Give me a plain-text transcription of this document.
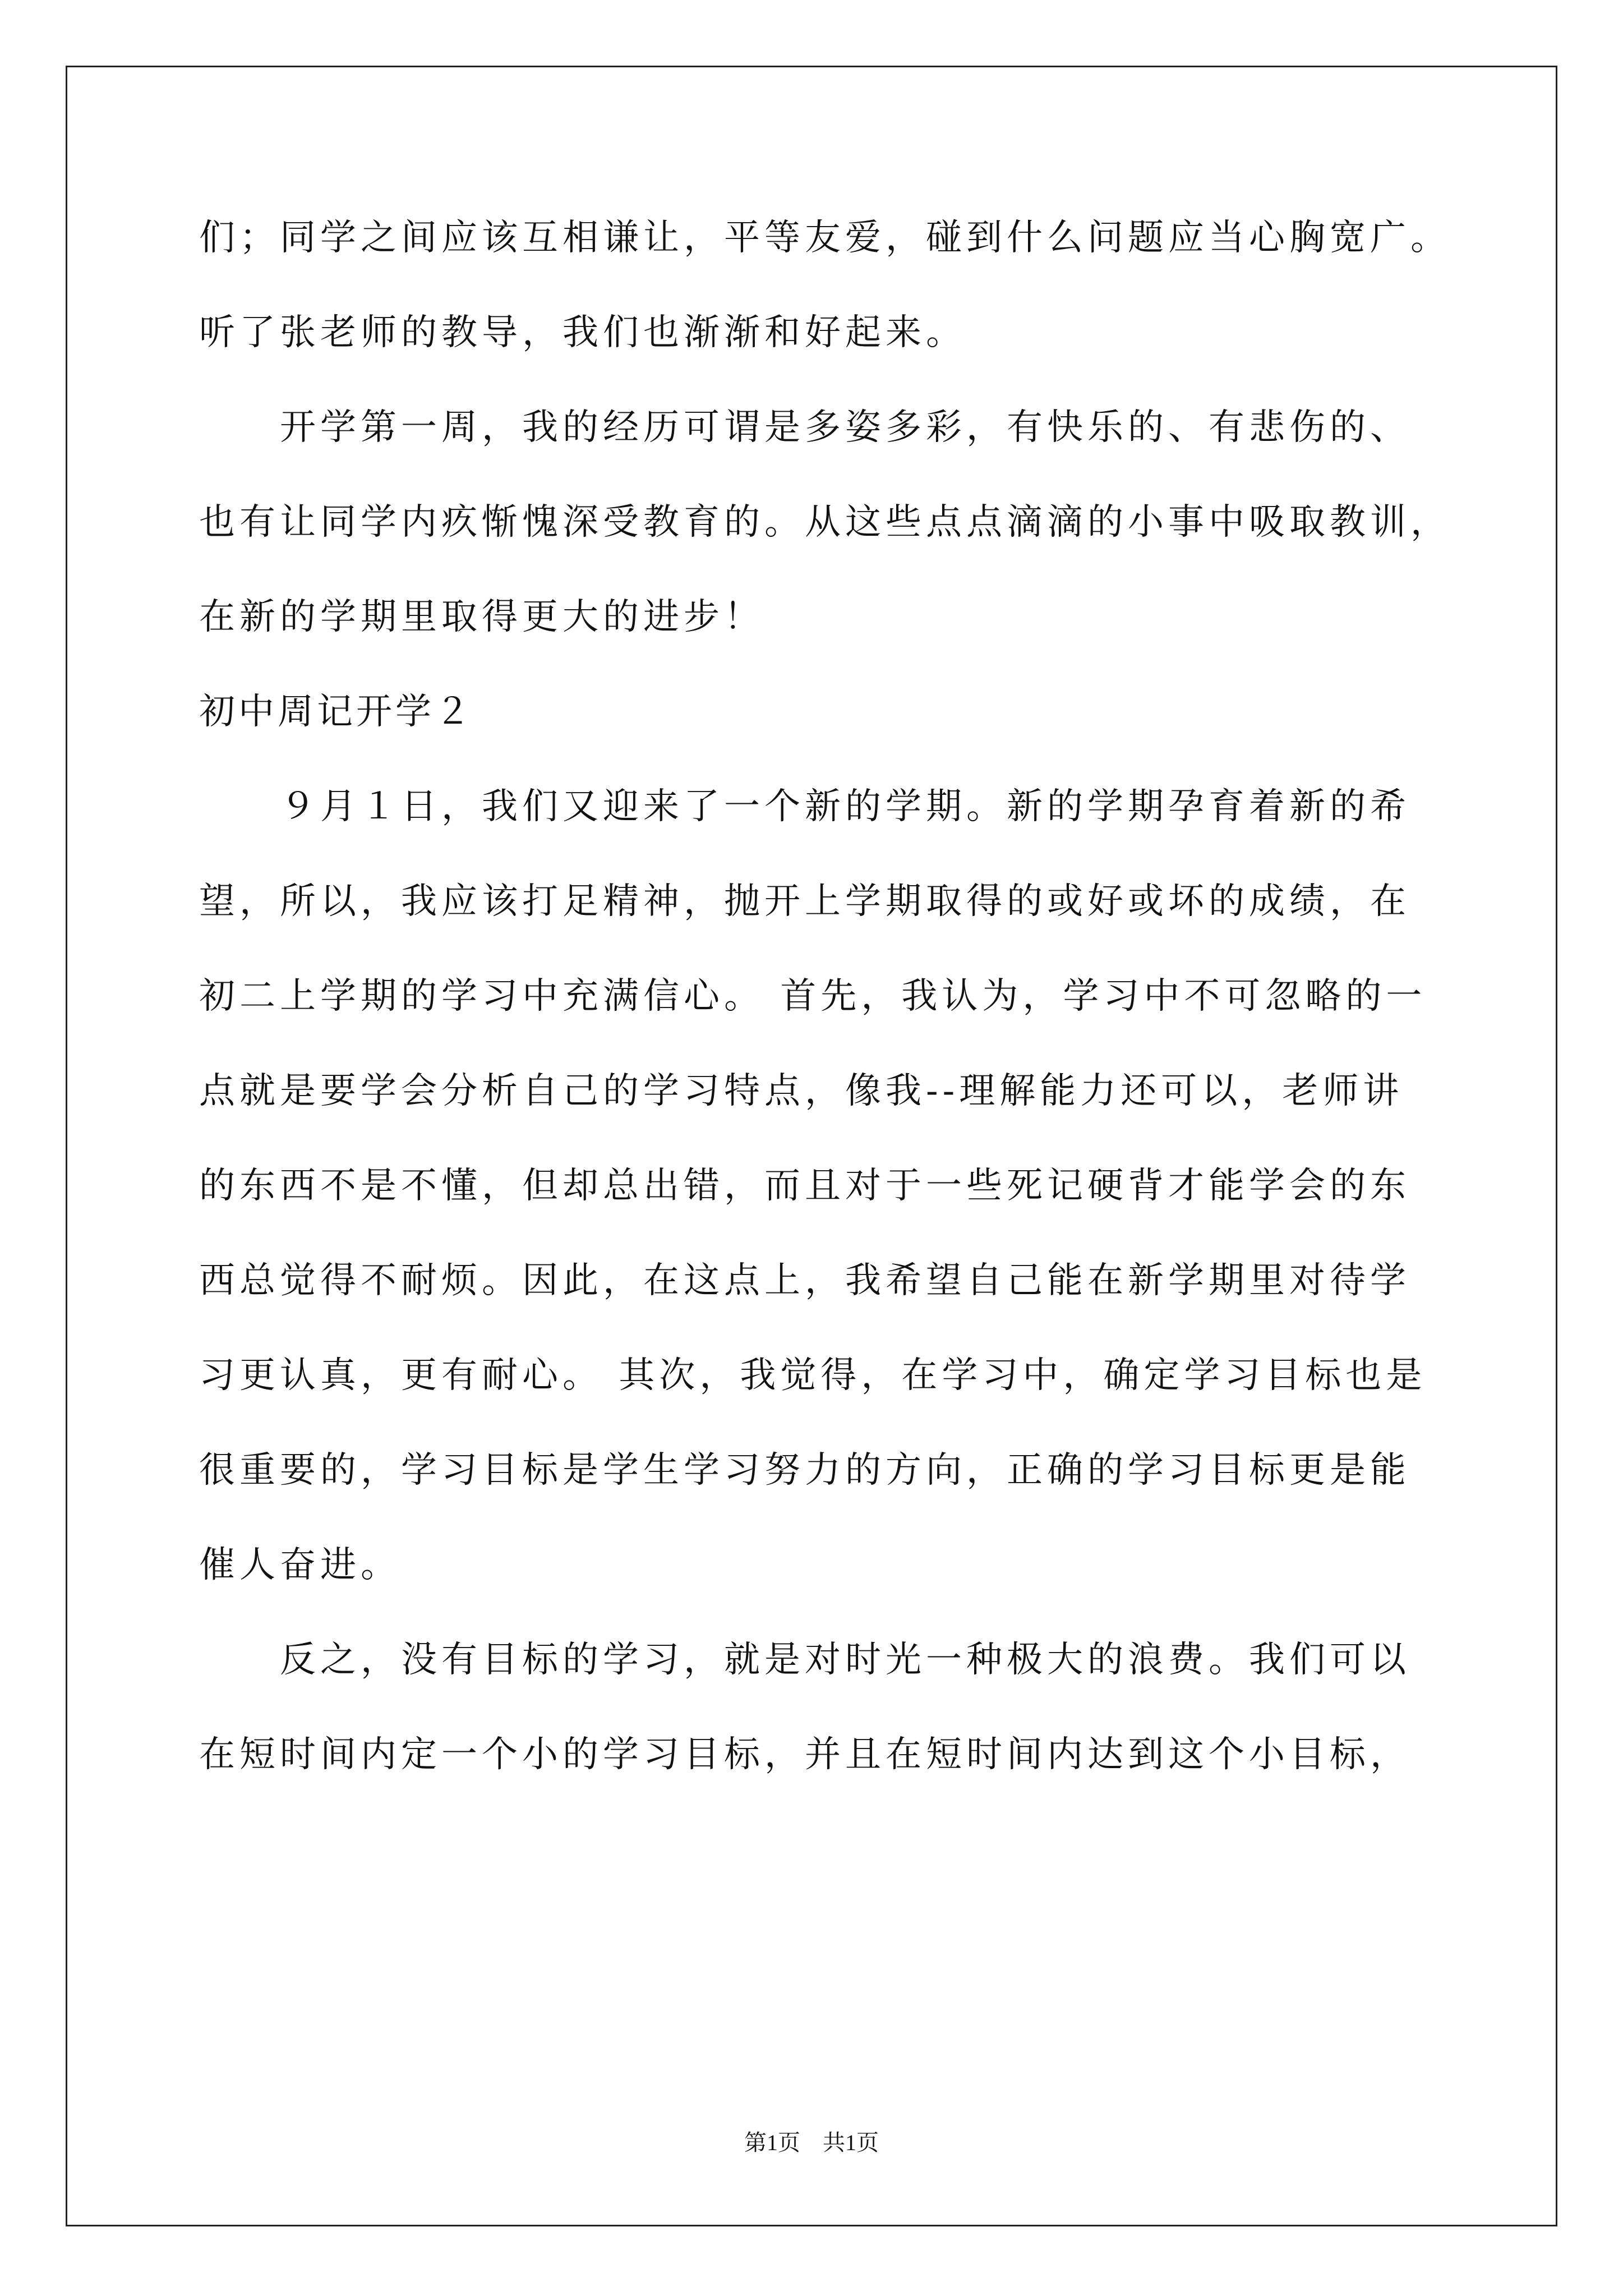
们；同学之间应该互相谦让，平等友爱，碰到什么问题应当心胸宽广。
听了张老师的教导，我们也渐渐和好起来。
开学第一周，我的经历可谓是多姿多彩，有快乐的、有悲伤的、
也有让同学内疚惭愧深受教育的。从这些点点滴滴的小事中吸取教训，
在新的学期里取得更大的进步！
初中周记开学２
９月１日，我们又迎来了一个新的学期。新的学期孕育着新的希
望，所以，我应该打足精神，抛开上学期取得的或好或坏的成绩，在
初二上学期的学习中充满信心。 首先，我认为，学习中不可忽略的一
点就是要学会分析自己的学习特点，像我--理解能力还可以，老师讲
的东西不是不懂，但却总出错，而且对于一些死记硬背才能学会的东
西总觉得不耐烦。因此，在这点上，我希望自己能在新学期里对待学
习更认真，更有耐心。 其次，我觉得，在学习中，确定学习目标也是
很重要的，学习目标是学生学习努力的方向，正确的学习目标更是能
催人奋进。
反之，没有目标的学习，就是对时光一种极大的浪费。我们可以
在短时间内定一个小的学习目标，并且在短时间内达到这个小目标，
第1页　共1页
